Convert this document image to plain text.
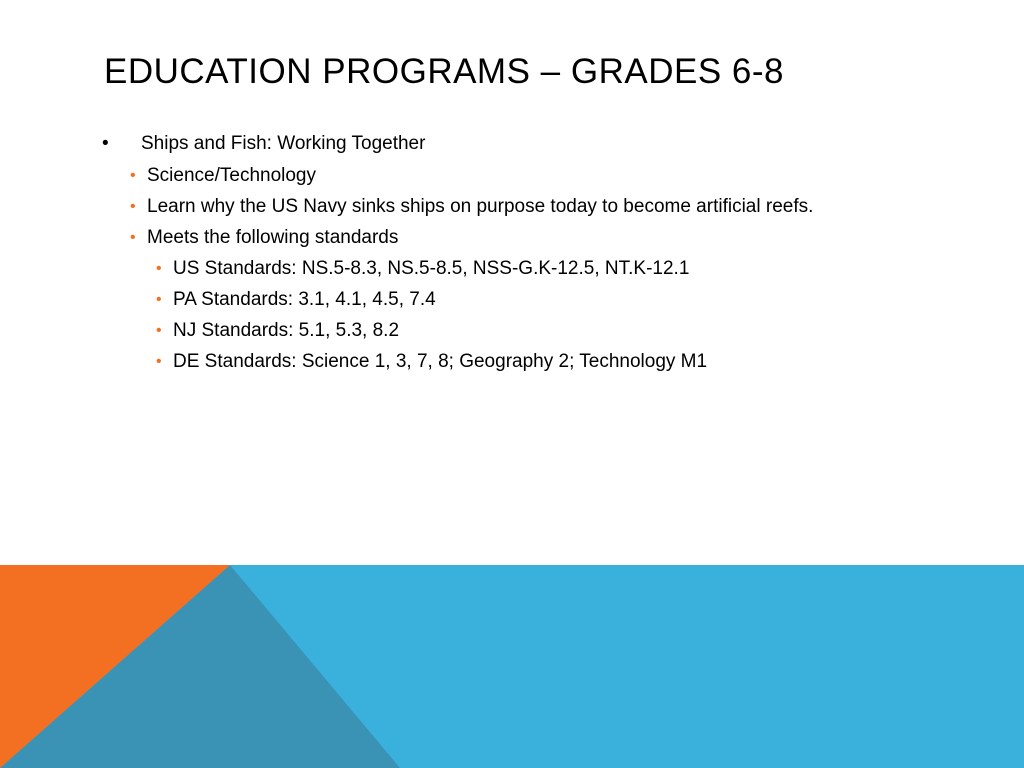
EDUCATION PROGRAMS – GRADES 6-8
• Ships and Fish: Working Together
• Science/Technology
• Learn why the US Navy sinks ships on purpose today to become artificial reefs.
• Meets the following standards
• US Standards: NS.5-8.3, NS.5-8.5, NSS-G.K-12.5, NT.K-12.1
• PA Standards: 3.1, 4.1, 4.5, 7.4
• NJ Standards: 5.1, 5.3, 8.2
• DE Standards: Science 1, 3, 7, 8; Geography 2; Technology M1
